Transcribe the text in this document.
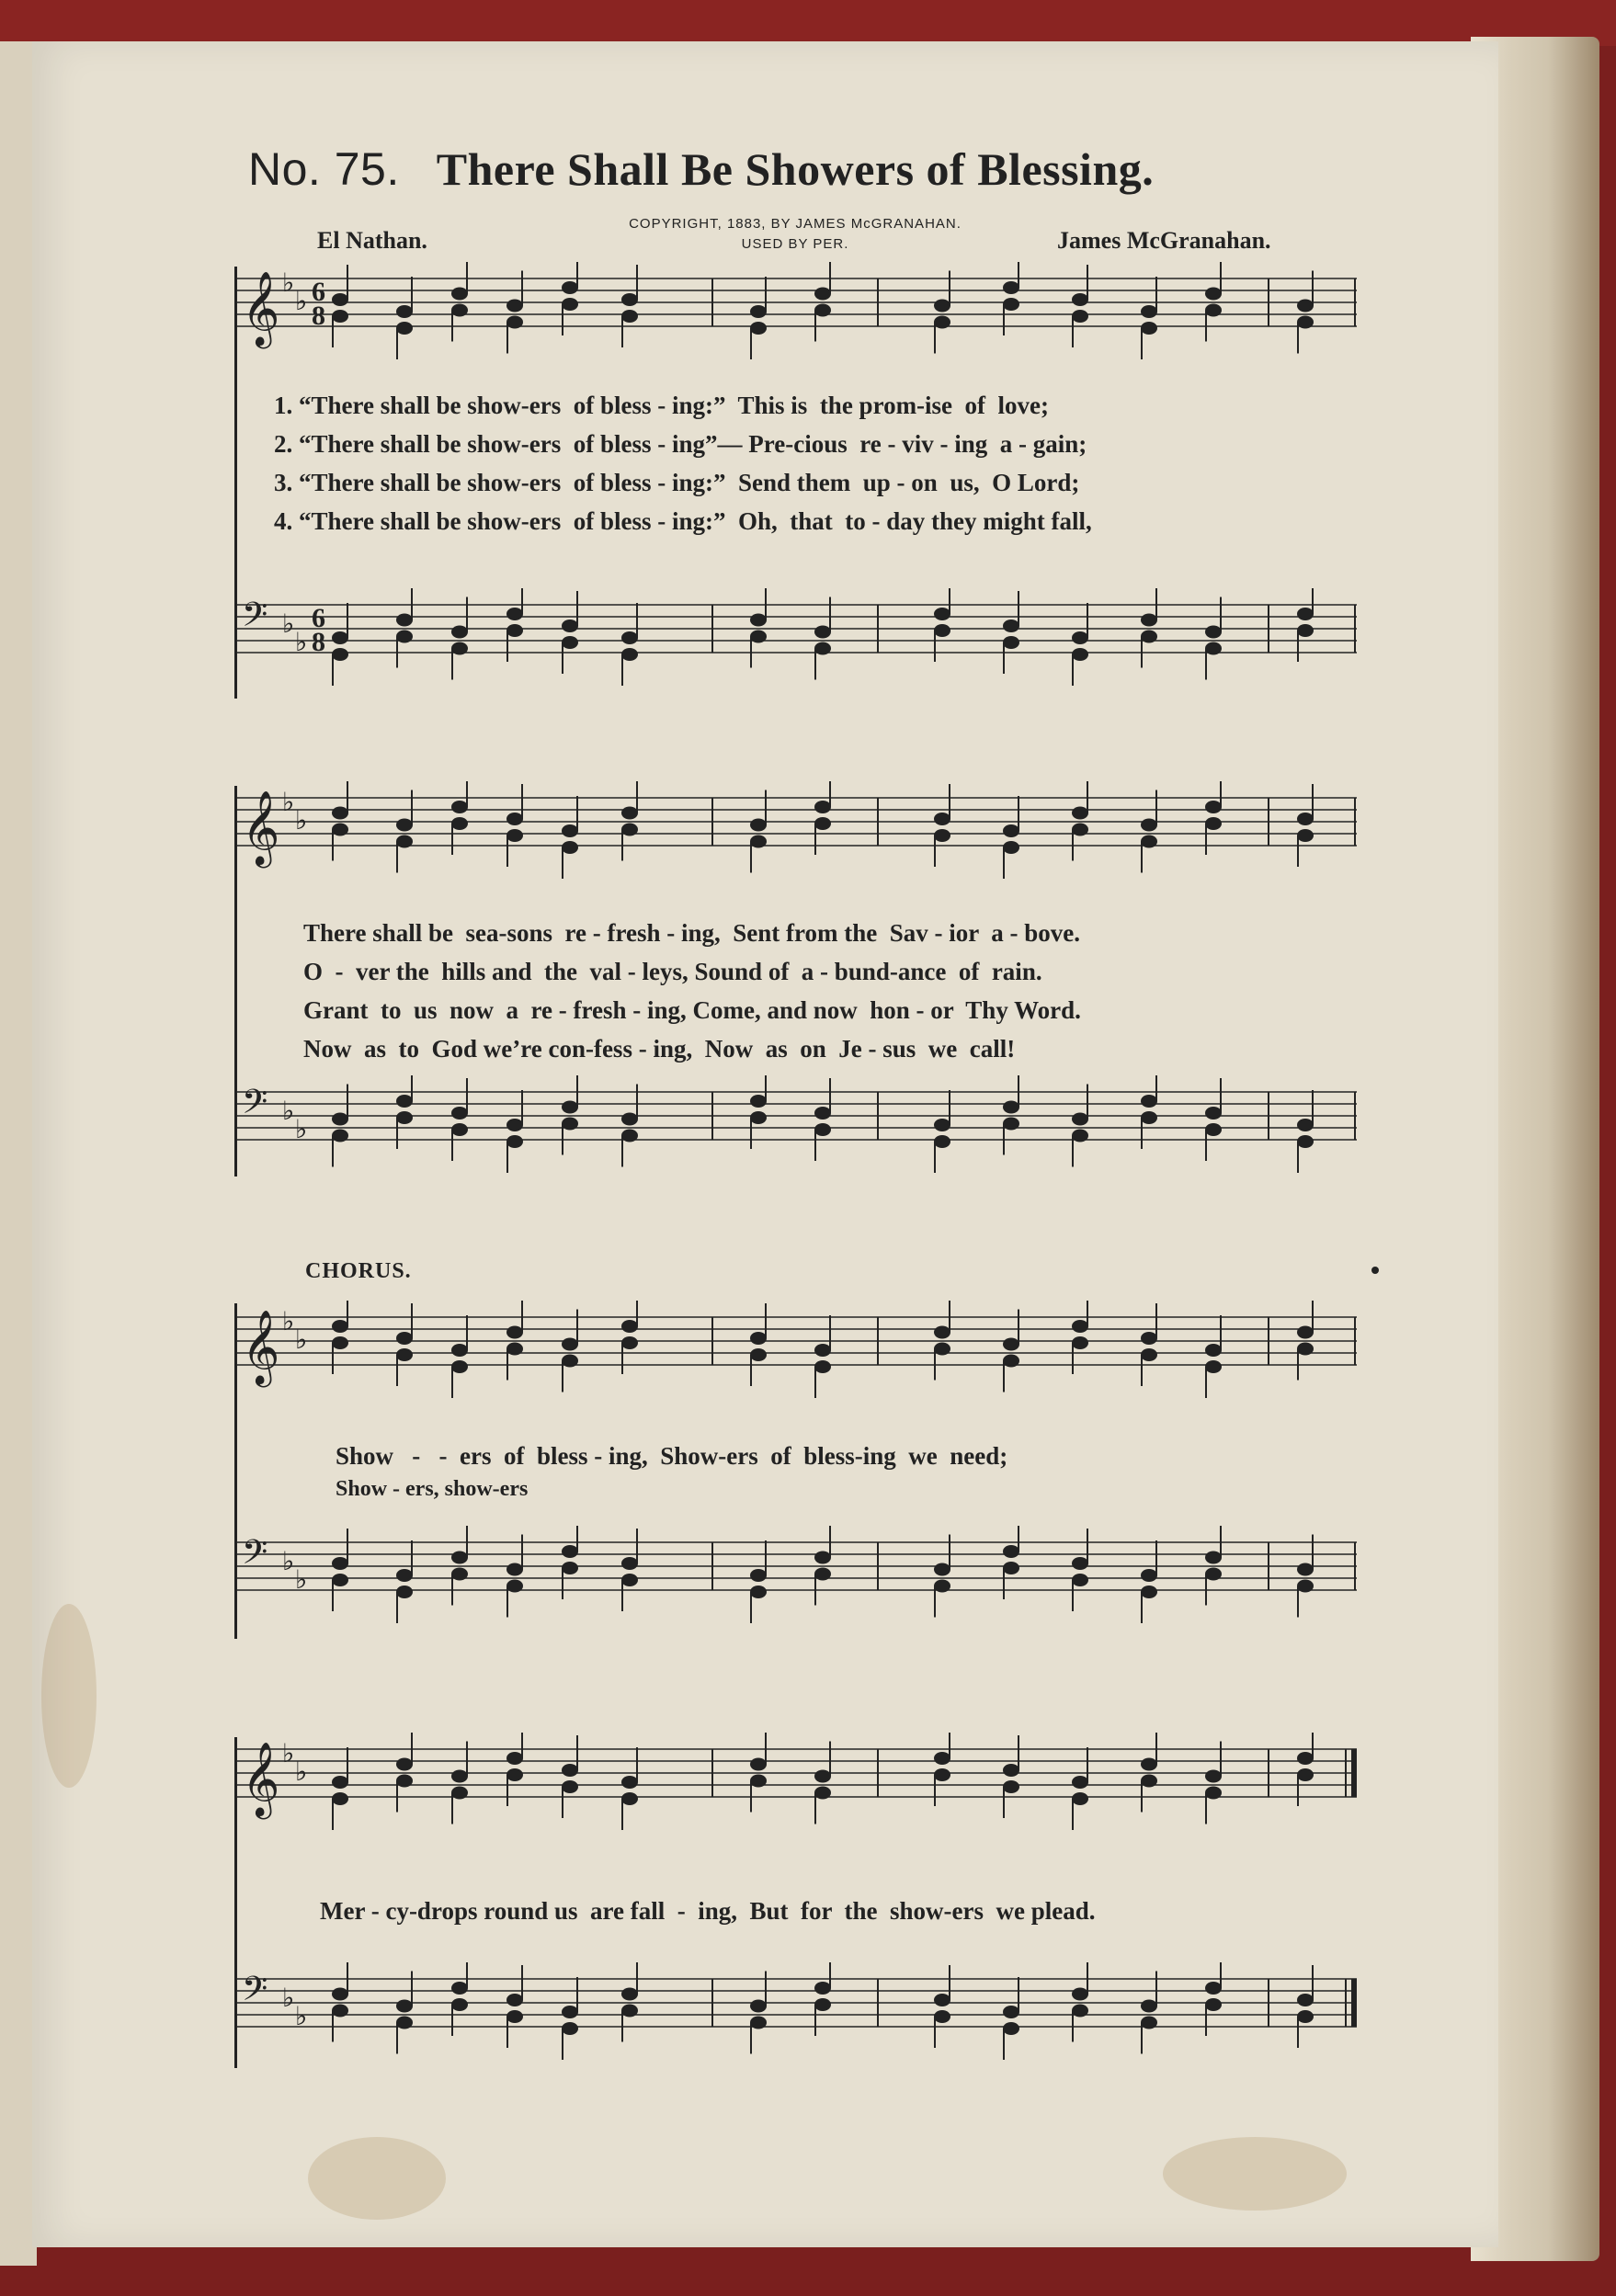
No. 75. There Shall Be Showers of Blessing.
COPYRIGHT, 1883, BY JAMES McGRANAHAN.
USED BY PER.
El Nathan.	James McGranahan.
𝄞 ♭
♭ 6
8
𝄢 ♭
♭
6
8
𝄞 ♭
♭
𝄢 ♭
♭
𝄞 ♭
♭
𝄢 ♭
♭
𝄞 ♭
♭
𝄢 ♭
♭
1. “There shall be show-ers  of bless - ing:”  This is  the prom-ise  of  love;
2. “There shall be show-ers  of bless - ing”— Pre-cious  re - viv - ing  a - gain;
3. “There shall be show-ers  of bless - ing:”  Send them  up - on  us,  O Lord;
4. “There shall be show-ers  of bless - ing:”  Oh,  that  to - day they might fall,
There shall be  sea-sons  re - fresh - ing,  Sent from the  Sav - ior  a - bove.
O  -  ver the  hills and  the  val - leys, Sound of  a - bund-ance  of  rain.
Grant  to  us  now  a  re - fresh - ing, Come, and now  hon - or  Thy Word.
Now  as  to  God we’re con-fess - ing,  Now  as  on  Je - sus  we  call!
CHORUS.
Show   -   -  ers  of  bless - ing,  Show-ers  of  bless-ing  we  need;
Show - ers, show-ers
Mer - cy-drops round us  are fall  -  ing,  But  for  the  show-ers  we plead.
